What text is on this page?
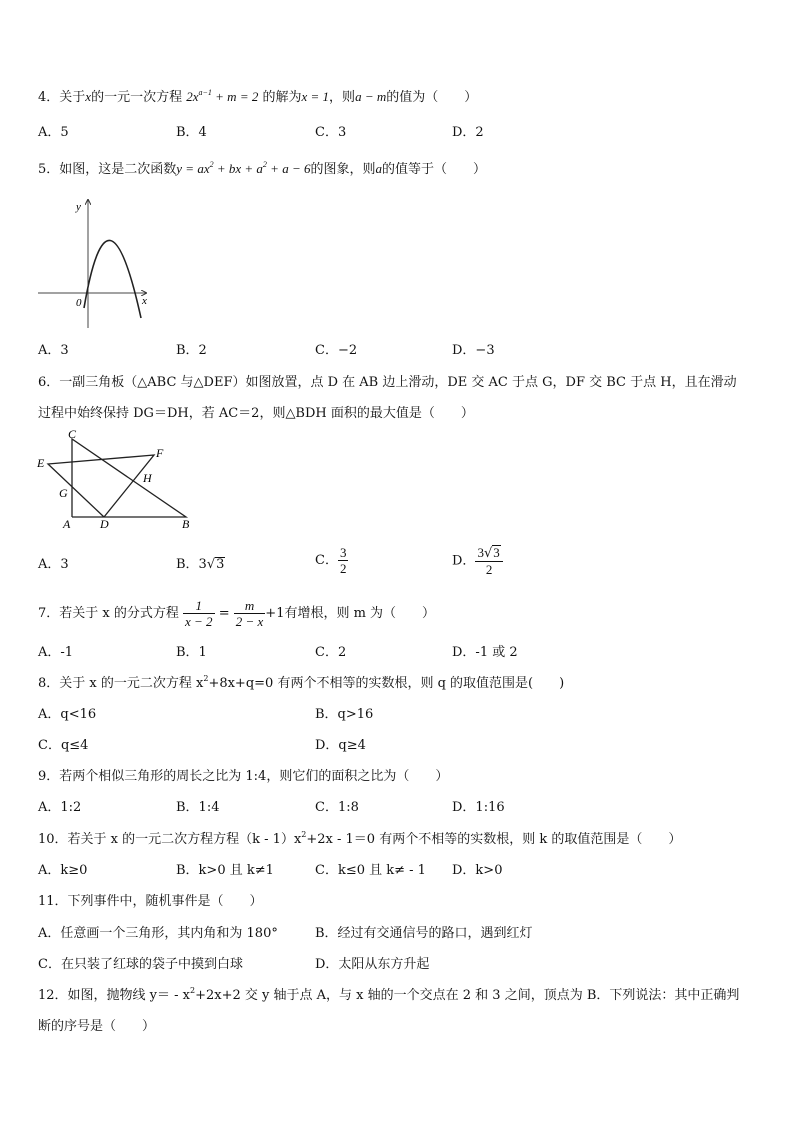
4．关于x的一元一次方程 $2x^{a-1} + m = 2$ 的解为x = 1，则a − m的值为（　　）
A．5	B．4	C．3	D．2
5．如图，这是二次函数$y = ax^2$ + bx + $a^2 + a - 6$的图象，则a的值等于（　　）
y
x
0
A．3	B．2	C．−2	D．−3
6．一副三角板（△ABC 与△DEF）如图放置，点 D 在 AB 边上滑动，DE 交 AC 于点 G，DF 交 BC 于点 H，且在滑动
过程中始终保持 DG＝DH，若 AC＝2，则△BDH 面积的最大值是（　　）
C
E
F
H
G
A D	B
A．3	B．3√3	C． $\frac{3}{2}$	D． $\frac{3√3}{2}$
7．若关于 x 的分式方程 $\frac{1}{x - 2} = \frac{m}{2 - x} +1$有增根，则 m 为（　　）
A．-1	B．1	C．2	D．-1 或 2
8．关于 x 的一元二次方程 $x^2+8x+q=0$ 有两个不相等的实数根，则 q 的取值范围是(　　)
A．q<16	B．q>16
C．q≤4	D．q≥4
9．若两个相似三角形的周长之比为 1:4，则它们的面积之比为（　　）
A．1:2	B．1:4	C．1:8	D．1:16
10．若关于 x 的一元二次方程方程$(k - 1)x^2+2x - 1=0$ 有两个不相等的实数根，则 k 的取值范围是（　　）
A．k≥0	B．k>0 且 k≠1	C．k≤0 且 k≠ - 1 D．k>0
11．下列事件中，随机事件是（　　）
A．任意画一个三角形，其内角和为 180°	B．经过有交通信号的路口，遇到红灯
C．在只装了红球的袋子中摸到白球	D．太阳从东方升起
12．如图，抛物线 $y= - x^2+2x+2$ 交 y 轴于点 A，与 x 轴的一个交点在 2 和 3 之间，顶点为 B．下列说法：其中正确判
断的序号是（　　）
